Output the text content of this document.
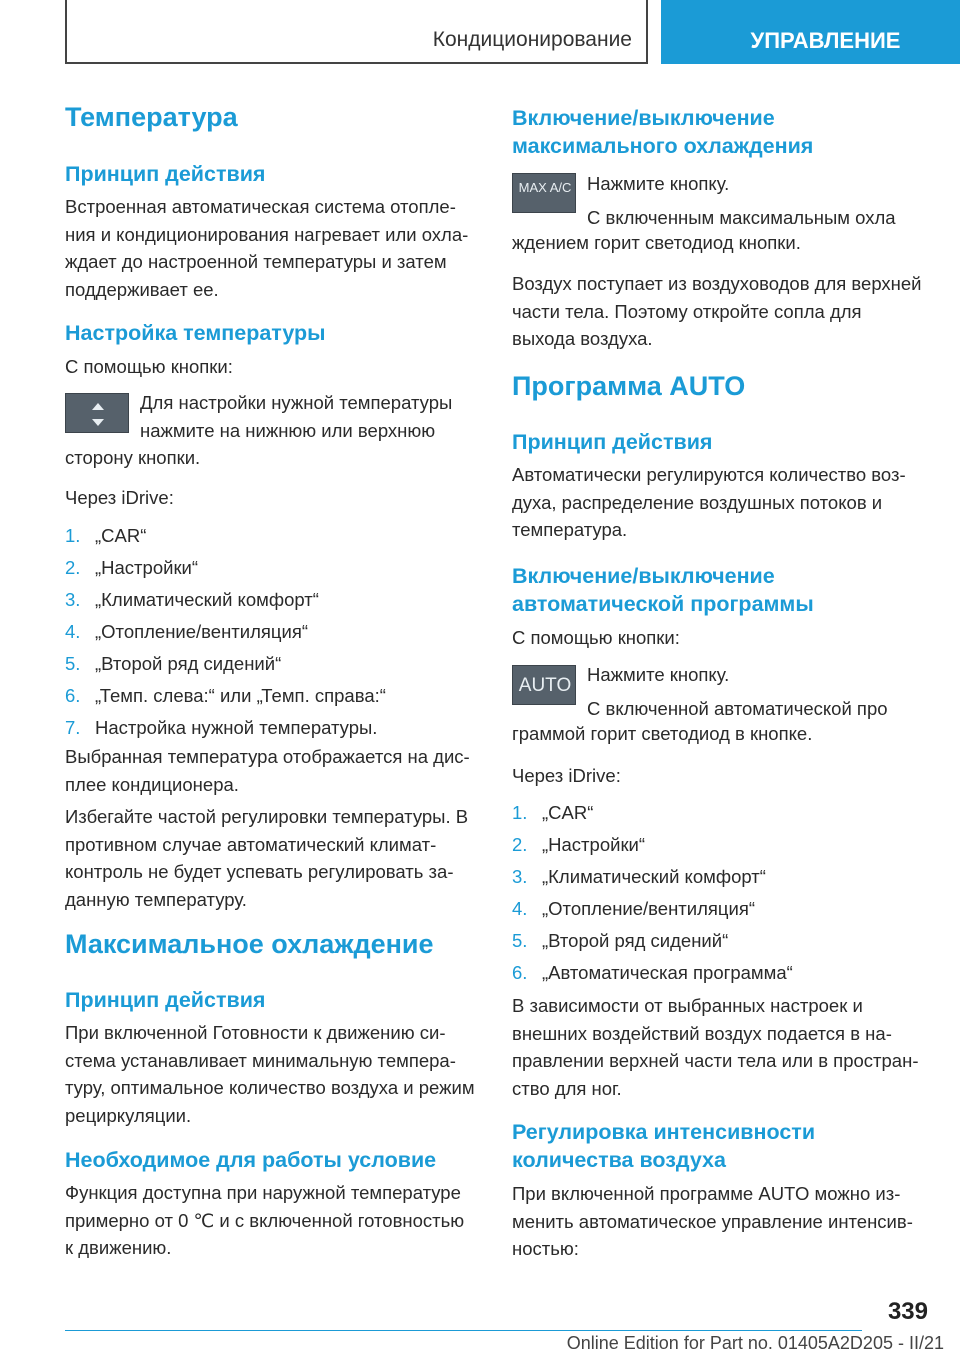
Кондиционирование	УПРАВЛЕНИЕ
Температура
Принцип действия

Встроенная автоматическая система отопления и кондиционирования нагревает или охлаждает до настроенной температуры и затем поддерживает ее.

Настройка температуры

С помощью кнопки:

Для настройки нужной температуры нажмите на нижнюю или верхнюю

сторону кнопки.

Через iDrive:

1. „CAR“
2. „Настройки“
3. „Климатический комфорт“
4. „Отопление/вентиляция“
5. „Второй ряд сидений“
6. „Темп. слева:“ или „Темп. справа:“
7. Настройка нужной температуры.

Выбранная температура отображается на дисплее кондиционера.

Избегайте частой регулировки температуры. В противном случае автоматический климат-контроль не будет успевать регулировать заданную температуру.

Максимальное охлаждение
Принцип действия

При включенной Готовности к движению система устанавливает минимальную температуру, оптимальное количество воздуха и режим рециркуляции.

Необходимое для работы условие

Функция доступна при наружной температуре примерно от 0 ℃ и с включенной готовностью к движению.

Включение/выключение максимального охлаждения
MAX A/C Нажмите кнопку.

С включенным максимальным охла

ждением горит светодиод кнопки.

Воздух поступает из воздуховодов для верхней части тела. Поэтому откройте сопла для выхода воздуха.

Программа AUTO
Принцип действия

Автоматически регулируются количество воздуха, распределение воздушных потоков и температура.

Включение/выключение автоматической программы

С помощью кнопки:

AUTO

Нажмите кнопку.

С включенной автоматической про

граммой горит светодиод в кнопке.

Через iDrive:

1. „CAR“
2. „Настройки“
3. „Климатический комфорт“
4. „Отопление/вентиляция“
5. „Второй ряд сидений“
6. „Автоматическая программа“

В зависимости от выбранных настроек и внешних воздействий воздух подается в направлении верхней части тела или в пространство для ног.

Регулировка интенсивности количества воздуха

При включенной программе AUTO можно изменить автоматическое управление интенсивностью:

339
Online Edition for Part no. 01405A2D205 - II/21
